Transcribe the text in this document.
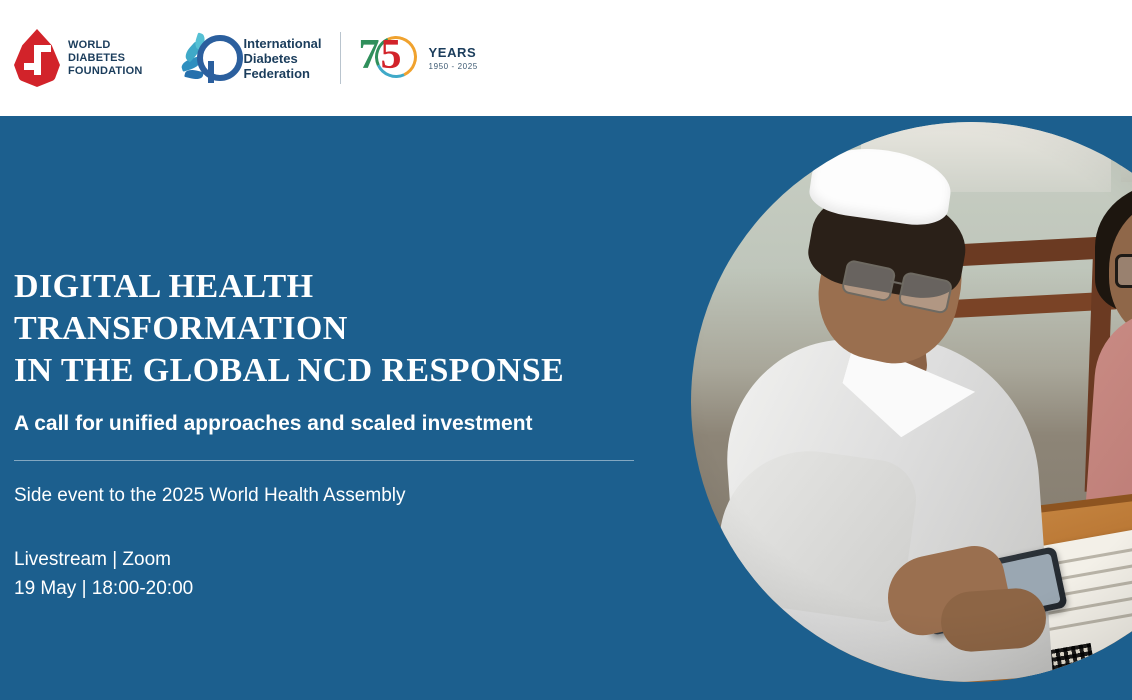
WORLD
DIABETES
FOUNDATION
International
Diabetes
Federation 7 5 YEARS
1950 - 2025
DIGITAL HEALTH TRANSFORMATION
IN THE GLOBAL NCD RESPONSE
A call for unified approaches and scaled investment
Side event to the 2025 World Health Assembly
Livestream | Zoom
19 May | 18:00-20:00
